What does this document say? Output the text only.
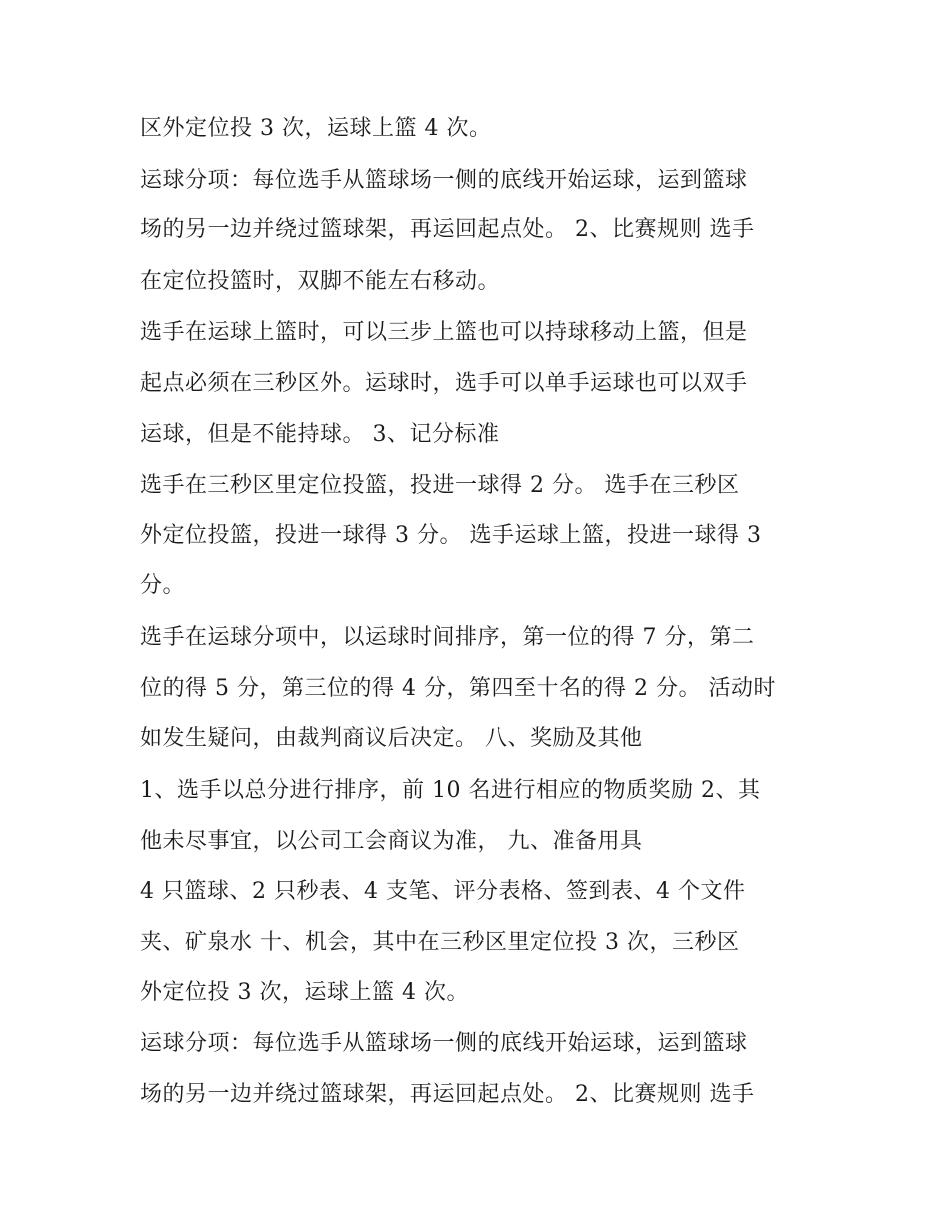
区外定位投 3 次，运球上篮 4 次。
运球分项：每位选手从篮球场一侧的底线开始运球，运到篮球
场的另一边并绕过篮球架，再运回起点处。 2、比赛规则 选手
在定位投篮时，双脚不能左右移动。
选手在运球上篮时，可以三步上篮也可以持球移动上篮，但是
起点必须在三秒区外。运球时，选手可以单手运球也可以双手
运球，但是不能持球。 3、记分标准
选手在三秒区里定位投篮，投进一球得 2 分。 选手在三秒区
外定位投篮，投进一球得 3 分。 选手运球上篮，投进一球得 3
分。
选手在运球分项中，以运球时间排序，第一位的得 7 分，第二
位的得 5 分，第三位的得 4 分，第四至十名的得 2 分。 活动时
如发生疑问，由裁判商议后决定。 八、奖励及其他
1、选手以总分进行排序，前 10 名进行相应的物质奖励 2、其
他未尽事宜，以公司工会商议为准， 九、准备用具
4 只篮球、2 只秒表、4 支笔、评分表格、签到表、4 个文件
夹、矿泉水 十、机会，其中在三秒区里定位投 3 次，三秒区
外定位投 3 次，运球上篮 4 次。
运球分项：每位选手从篮球场一侧的底线开始运球，运到篮球
场的另一边并绕过篮球架，再运回起点处。 2、比赛规则 选手
